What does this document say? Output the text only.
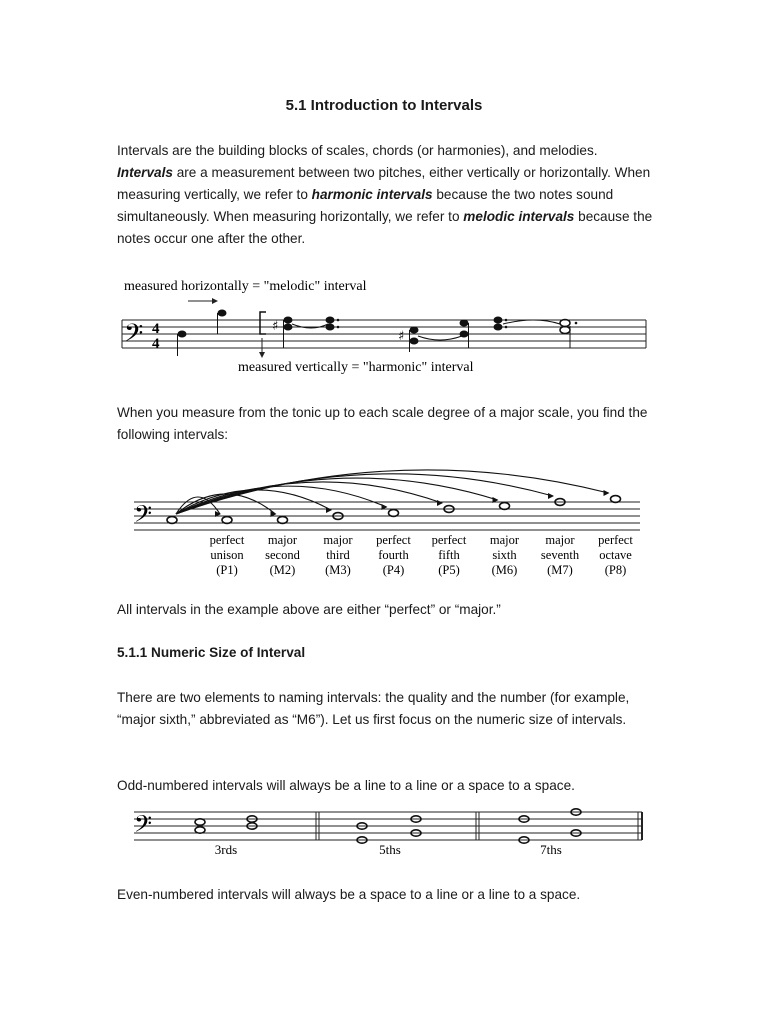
5.1 Introduction to Intervals
Intervals are the building blocks of scales, chords (or harmonies), and melodies. Intervals are a measurement between two pitches, either vertically or horizontally. When measuring vertically, we refer to harmonic intervals because the two notes sound simultaneously. When measuring horizontally, we refer to melodic intervals because the notes occur one after the other.
measured horizontally = "melodic" interval
𝄢 4
4
♯
♯
measured vertically = "harmonic" interval
When you measure from the tonic up to each scale degree of a major scale, you find the following intervals:
𝄢
perfect
unison
(P1)
major
second
(M2)
major
third
(M3)
perfect
fourth
(P4)
perfect
fifth
(P5)
major
sixth
(M6)
major
seventh
(M7)
perfect
octave
(P8)
All intervals in the example above are either “perfect” or “major.”
5.1.1 Numeric Size of Interval
There are two elements to naming intervals: the quality and the number (for example, “major sixth,” abbreviated as “M6”). Let us first focus on the numeric size of intervals.
Odd-numbered intervals will always be a line to a line or a space to a space.
𝄢
3rds	5ths	7ths
Even-numbered intervals will always be a space to a line or a line to a space.
